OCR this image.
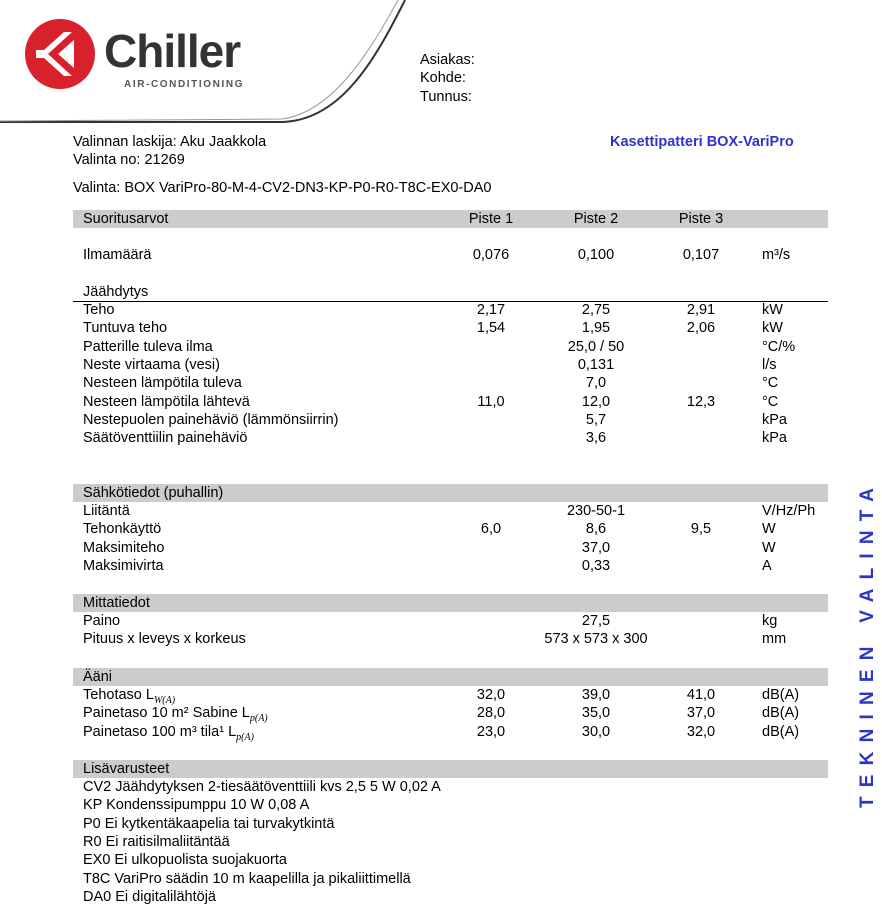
Chiller
AIR-CONDITIONING
Asiakas:
Kohde:
Tunnus:
Valinnan laskija: Aku Jaakkola
Valinta no: 21269
Kasettipatteri BOX-VariPro
Valinta: BOX VariPro-80-M-4-CV2-DN3-KP-P0-R0-T8C-EX0-DA0
Suoritusarvot	Piste 1	Piste 2	Piste 3
Ilmamäärä	0,076	0,100	0,107	m³/s
Jäähdytys
Teho	2,17	2,75	2,91	kW
Tuntuva teho	1,54	1,95	2,06	kW
Patterille tuleva ilma	25,0 / 50	°C/%
Neste virtaama (vesi)	0,131	l/s
Nesteen lämpötila tuleva	7,0	°C
Nesteen lämpötila lähtevä	11,0	12,0	12,3	°C
Nestepuolen painehäviö (lämmönsiirrin)	5,7	kPa
Säätöventtiilin painehäviö	3,6	kPa
Sähkötiedot (puhallin)
Liitäntä	230-50-1	V/Hz/Ph
Tehonkäyttö	6,0	8,6	9,5	W
Maksimiteho	37,0	W
Maksimivirta	0,33	A
Mittatiedot
Paino	27,5	kg
Pituus x leveys x korkeus	573 x 573 x 300	mm
Ääni
Tehotaso $L_{W(A)}$	32,0	39,0	41,0	dB(A)
Painetaso 10 m² Sabine $L_{p(A)}$	28,0	35,0	37,0	dB(A)
Painetaso 100 m³ tila¹ $L_{p(A)}$	23,0	30,0	32,0	dB(A)
Lisävarusteet
CV2 Jäähdytyksen 2-tiesäätöventtiili kvs 2,5 5 W 0,02 A
KP Kondenssipumppu 10 W 0,08 A
P0 Ei kytkentäkaapelia tai turvakytkintä
R0 Ei raitisilmaliitäntää
EX0 Ei ulkopuolista suojakuorta
T8C VariPro säädin 10 m kaapelilla ja pikaliittimellä
DA0 Ei digitalilähtöjä
TEKNINEN VALINTA
